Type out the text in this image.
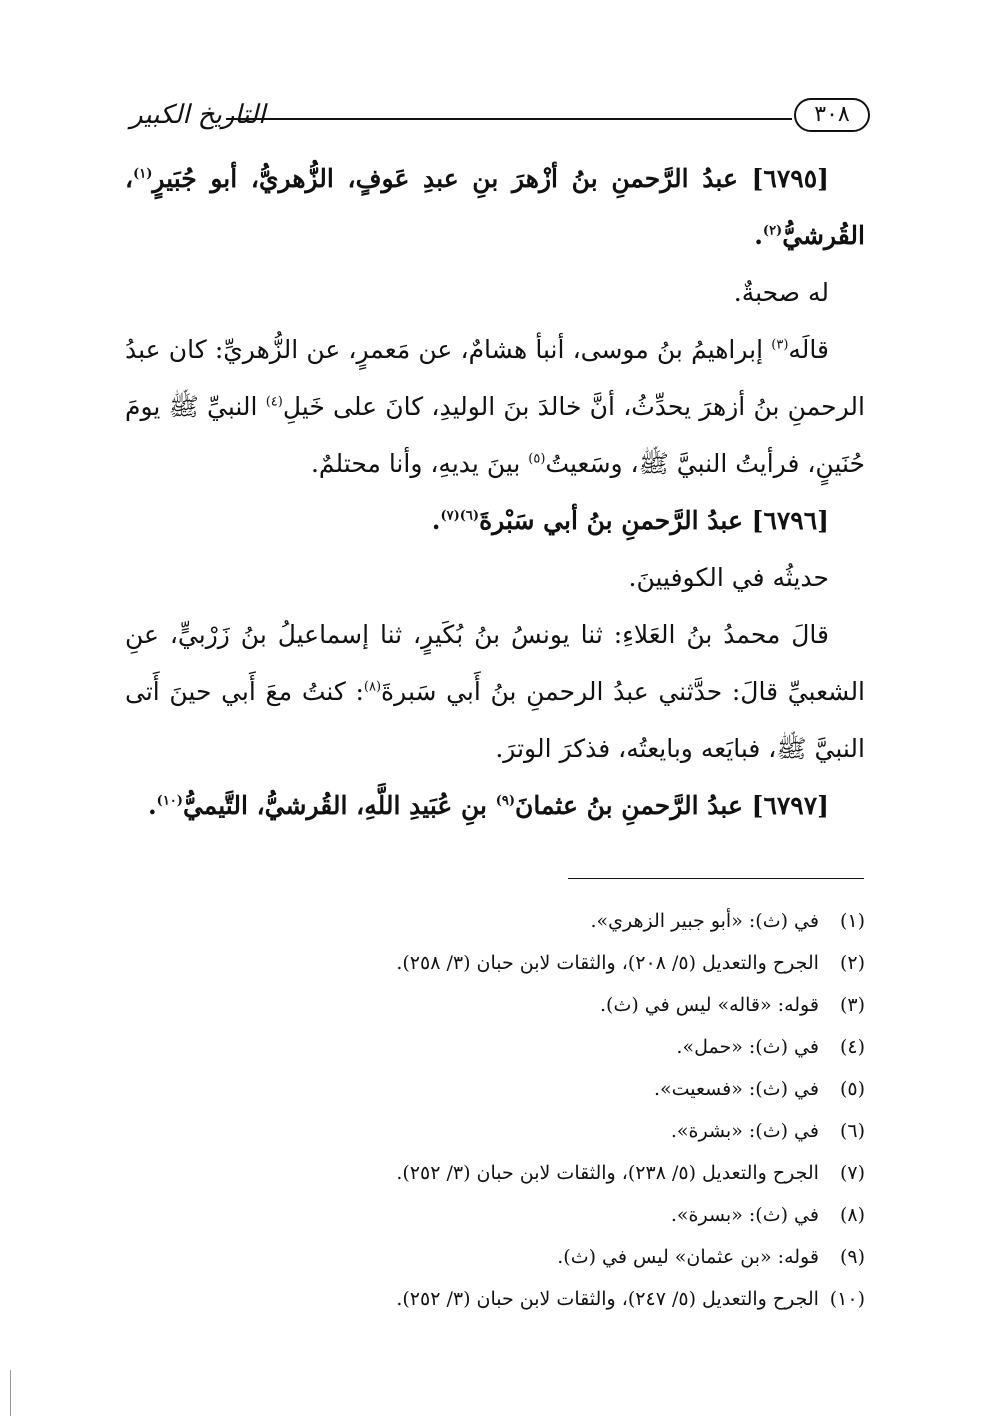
٣٠٨
التاريخ الكبير

[٦٧٩٥] عبدُ الرَّحمنِ بنُ أزْهرَ بنِ عبدِ عَوفٍ، الزُّهريُّ، أبو جُبَيرٍ$^{(١)}$، القُرشيُّ$^{(٢)}$.

له صحبةٌ.

قالَه$^{(٣)}$ إبراهيمُ بنُ موسى، أنبأ هشامٌ، عن مَعمرٍ، عن الزُّهريِّ: كان عبدُ الرحمنِ بنُ أزهرَ يحدِّثُ، أنَّ خالدَ بنَ الوليدِ، كانَ على خَيلِ$^{(٤)}$ النبيِّ ﷺ يومَ حُنَينٍ، فرأيتُ النبيَّ ﷺ، وسَعيتُ$^{(٥)}$ بينَ يديهِ، وأنا محتلمٌ.

[٦٧٩٦] عبدُ الرَّحمنِ بنُ أبي سَبْرةَ$^{(٦)(٧)}$.

حديثُه في الكوفيينَ.

قالَ محمدُ بنُ العَلاءِ: ثنا يونسُ بنُ بُكَيرٍ، ثنا إسماعيلُ بنُ زَرْبيٍّ، عنِ الشعبيِّ قالَ: حدَّثني عبدُ الرحمنِ بنُ أَبي سَبرةَ$^{(٨)}$: كنتُ معَ أَبي حينَ أَتى النبيَّ ﷺ، فبايَعه وبايعتُه، فذكرَ الوترَ.

[٦٧٩٧] عبدُ الرَّحمنِ بنُ عثمانَ$^{(٩)}$ بنِ عُبَيدِ اللَّهِ، القُرشيُّ، التَّيميُّ$^{(١٠)}$.

(١) في (ث): «أبو جبير الزهري».

(٢) الجرح والتعديل (٥/ ٢٠٨)، والثقات لابن حبان (٣/ ٢٥٨).

(٣) قوله: «قاله» ليس في (ث).

(٤) في (ث): «حمل».

(٥) في (ث): «فسعيت».

(٦) في (ث): «بشرة».

(٧) الجرح والتعديل (٥/ ٢٣٨)، والثقات لابن حبان (٣/ ٢٥٢).

(٨) في (ث): «بسرة».

(٩) قوله: «بن عثمان» ليس في (ث).

(١٠) الجرح والتعديل (٥/ ٢٤٧)، والثقات لابن حبان (٣/ ٢٥٢).
